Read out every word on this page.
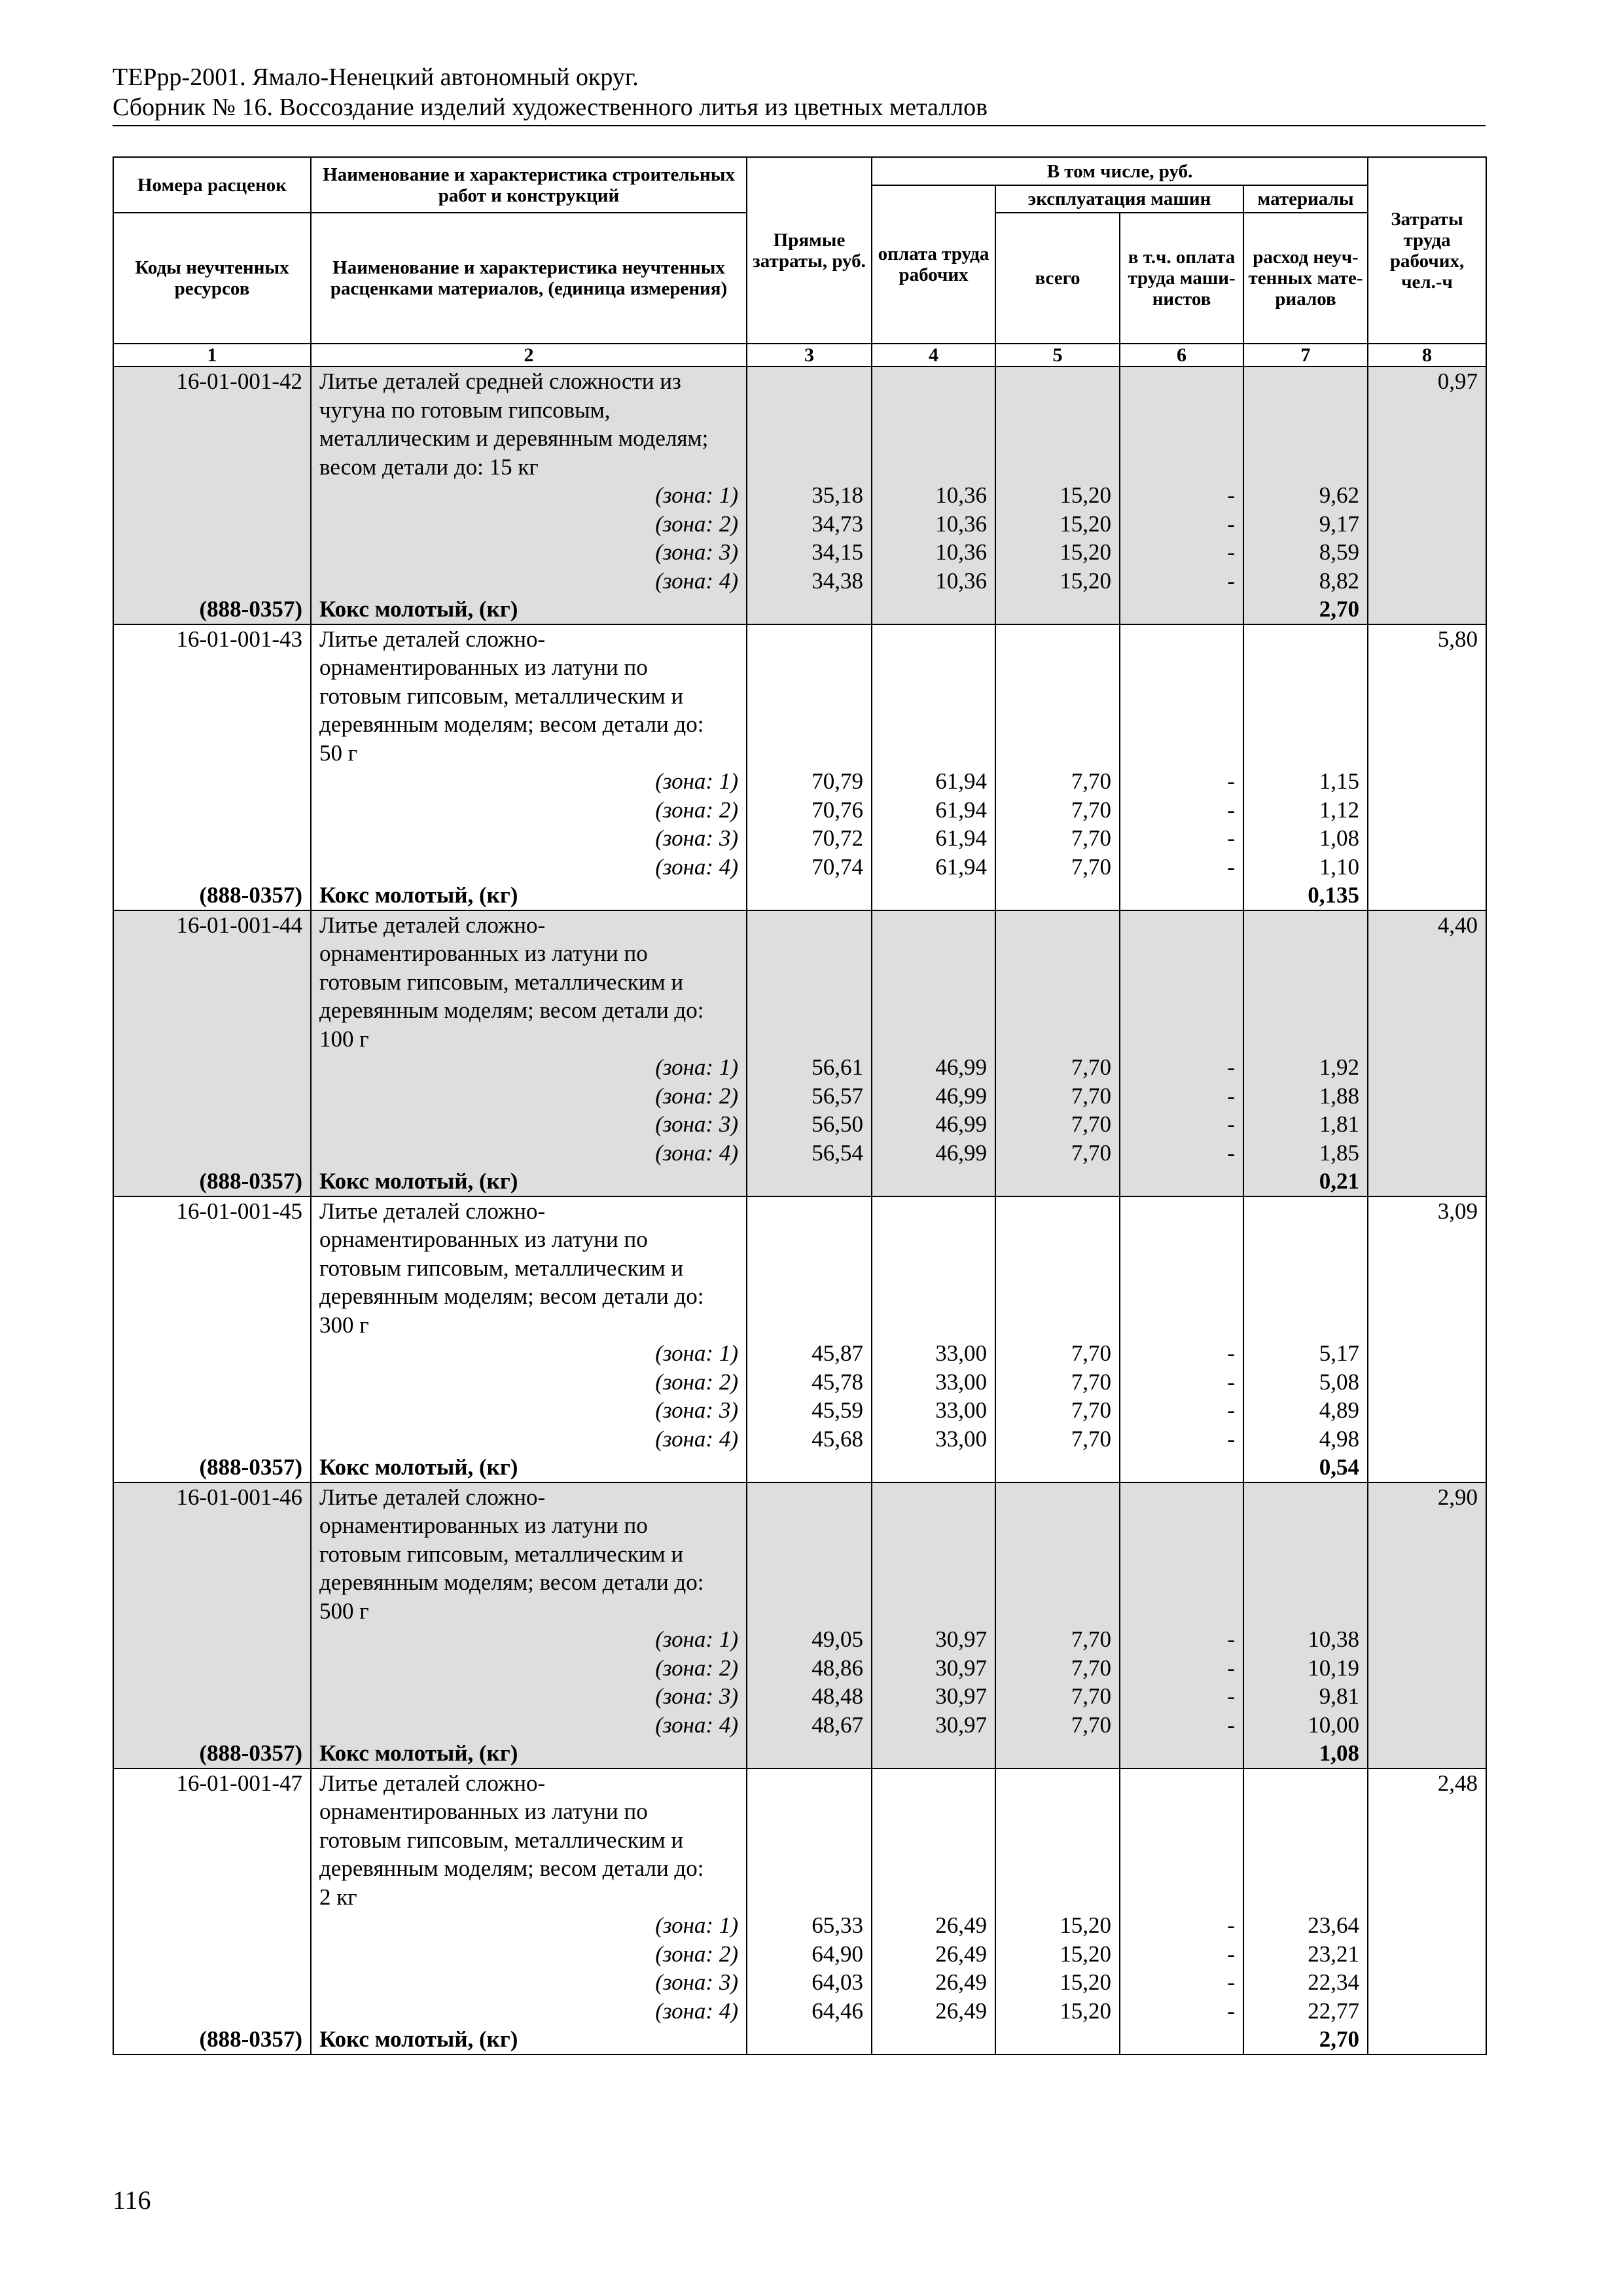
ТЕРрр-2001. Ямало-Ненецкий автономный округ.
Сборник № 16. Воссоздание изделий художественного литья из цветных металлов
Номера расценок	Наименование и характеристика строительных работ и конструкций	Прямые затраты, руб.	В том числе, руб.				Затраты труда рабочих, чел.-ч
			оплата труда рабочих	эксплуатация машин		материалы	
Коды неучтенных ресурсов	Наименование и характеристика неучтенных расценками материалов, (единица измерения)			всего	в т.ч. оплата труда маши- нистов	расход неуч- тенных мате- риалов	

1	2	3	4	5	6	7	8
16-01-001-42	Литье деталей средней сложности из
чугуна по готовым гипсовым,
металлическим и деревянным моделям;
весом детали до: 15 кг						0,97
	(зона: 1)	35,18	10,36	15,20	-	9,62	
	(зона: 2)	34,73	10,36	15,20	-	9,17	
	(зона: 3)	34,15	10,36	15,20	-	8,59	
	(зона: 4)	34,38	10,36	15,20	-	8,82	
(888-0357)	Кокс молотый, (кг)					2,70	
16-01-001-43	Литье деталей сложно-
орнаментированных из латуни по
готовым гипсовым, металлическим и
деревянным моделям; весом детали до:
50 г						5,80
	(зона: 1)	70,79	61,94	7,70	-	1,15	
	(зона: 2)	70,76	61,94	7,70	-	1,12	
	(зона: 3)	70,72	61,94	7,70	-	1,08	
	(зона: 4)	70,74	61,94	7,70	-	1,10	
(888-0357)	Кокс молотый, (кг)					0,135	
16-01-001-44	Литье деталей сложно-
орнаментированных из латуни по
готовым гипсовым, металлическим и
деревянным моделям; весом детали до:
100 г						4,40
	(зона: 1)	56,61	46,99	7,70	-	1,92	
	(зона: 2)	56,57	46,99	7,70	-	1,88	
	(зона: 3)	56,50	46,99	7,70	-	1,81	
	(зона: 4)	56,54	46,99	7,70	-	1,85	
(888-0357)	Кокс молотый, (кг)					0,21	
16-01-001-45	Литье деталей сложно-
орнаментированных из латуни по
готовым гипсовым, металлическим и
деревянным моделям; весом детали до:
300 г						3,09
	(зона: 1)	45,87	33,00	7,70	-	5,17	
	(зона: 2)	45,78	33,00	7,70	-	5,08	
	(зона: 3)	45,59	33,00	7,70	-	4,89	
	(зона: 4)	45,68	33,00	7,70	-	4,98	
(888-0357)	Кокс молотый, (кг)					0,54	
16-01-001-46	Литье деталей сложно-
орнаментированных из латуни по
готовым гипсовым, металлическим и
деревянным моделям; весом детали до:
500 г						2,90
	(зона: 1)	49,05	30,97	7,70	-	10,38	
	(зона: 2)	48,86	30,97	7,70	-	10,19	
	(зона: 3)	48,48	30,97	7,70	-	9,81	
	(зона: 4)	48,67	30,97	7,70	-	10,00	
(888-0357)	Кокс молотый, (кг)					1,08	
16-01-001-47	Литье деталей сложно-
орнаментированных из латуни по
готовым гипсовым, металлическим и
деревянным моделям; весом детали до:
2 кг						2,48
	(зона: 1)	65,33	26,49	15,20	-	23,64	
	(зона: 2)	64,90	26,49	15,20	-	23,21	
	(зона: 3)	64,03	26,49	15,20	-	22,34	
	(зона: 4)	64,46	26,49	15,20	-	22,77	
(888-0357)	Кокс молотый, (кг)					2,70	
116
